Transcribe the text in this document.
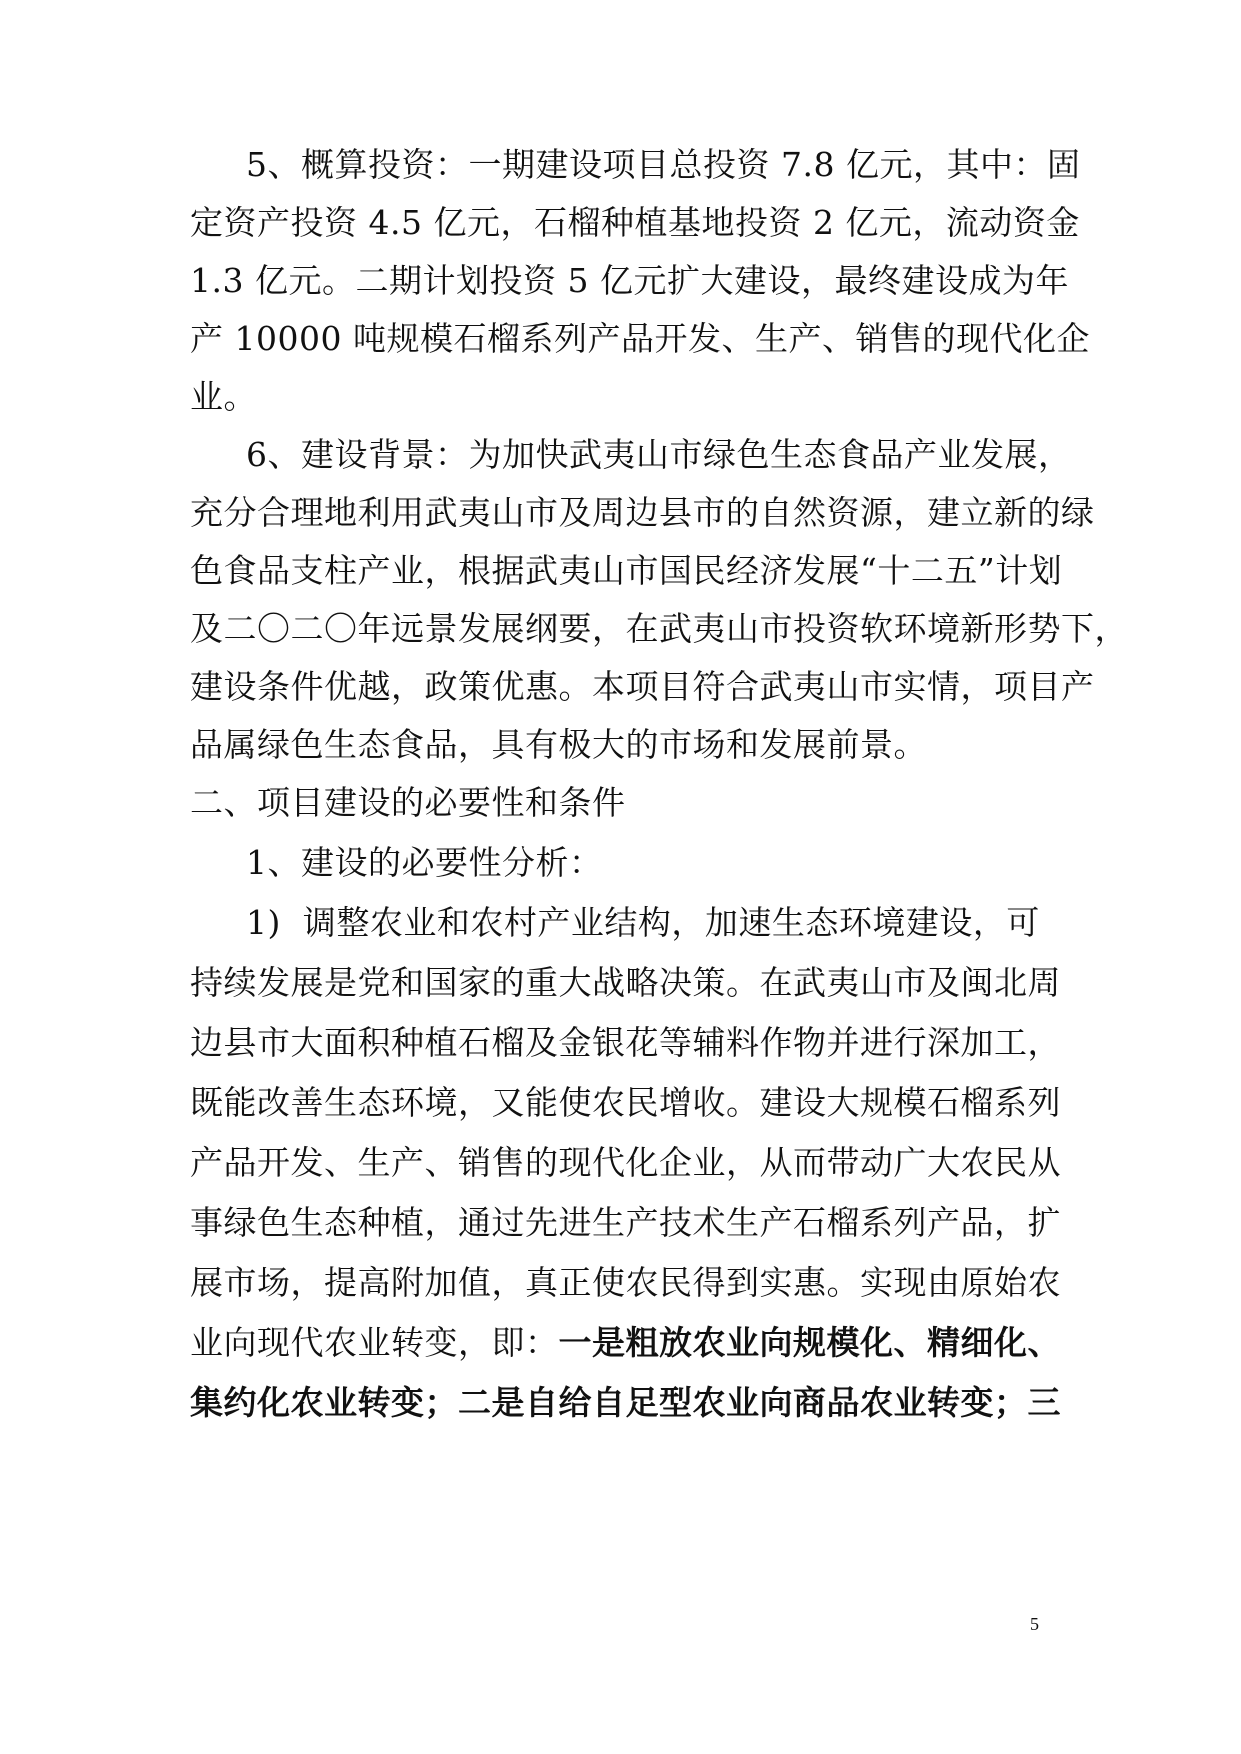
5、概算投资：一期建设项目总投资 7.8 亿元，其中：固
定资产投资 4.5 亿元，石榴种植基地投资 2 亿元，流动资金
1.3 亿元。二期计划投资 5 亿元扩大建设，最终建设成为年
产 10000 吨规模石榴系列产品开发、生产、销售的现代化企
业。
6、建设背景：为加快武夷山市绿色生态食品产业发展，
充分合理地利用武夷山市及周边县市的自然资源，建立新的绿
色食品支柱产业，根据武夷山市国民经济发展“十二五”计划
及二〇二〇年远景发展纲要，在武夷山市投资软环境新形势下，
建设条件优越，政策优惠。本项目符合武夷山市实情，项目产
品属绿色生态食品，具有极大的市场和发展前景。
二、项目建设的必要性和条件
1、建设的必要性分析：
1) 调整农业和农村产业结构，加速生态环境建设，可
持续发展是党和国家的重大战略决策。在武夷山市及闽北周
边县市大面积种植石榴及金银花等辅料作物并进行深加工，
既能改善生态环境，又能使农民增收。建设大规模石榴系列
产品开发、生产、销售的现代化企业，从而带动广大农民从
事绿色生态种植，通过先进生产技术生产石榴系列产品，扩
展市场，提高附加值，真正使农民得到实惠。实现由原始农
业向现代农业转变，即：一是粗放农业向规模化、精细化、
集约化农业转变；二是自给自足型农业向商品农业转变；三
5
